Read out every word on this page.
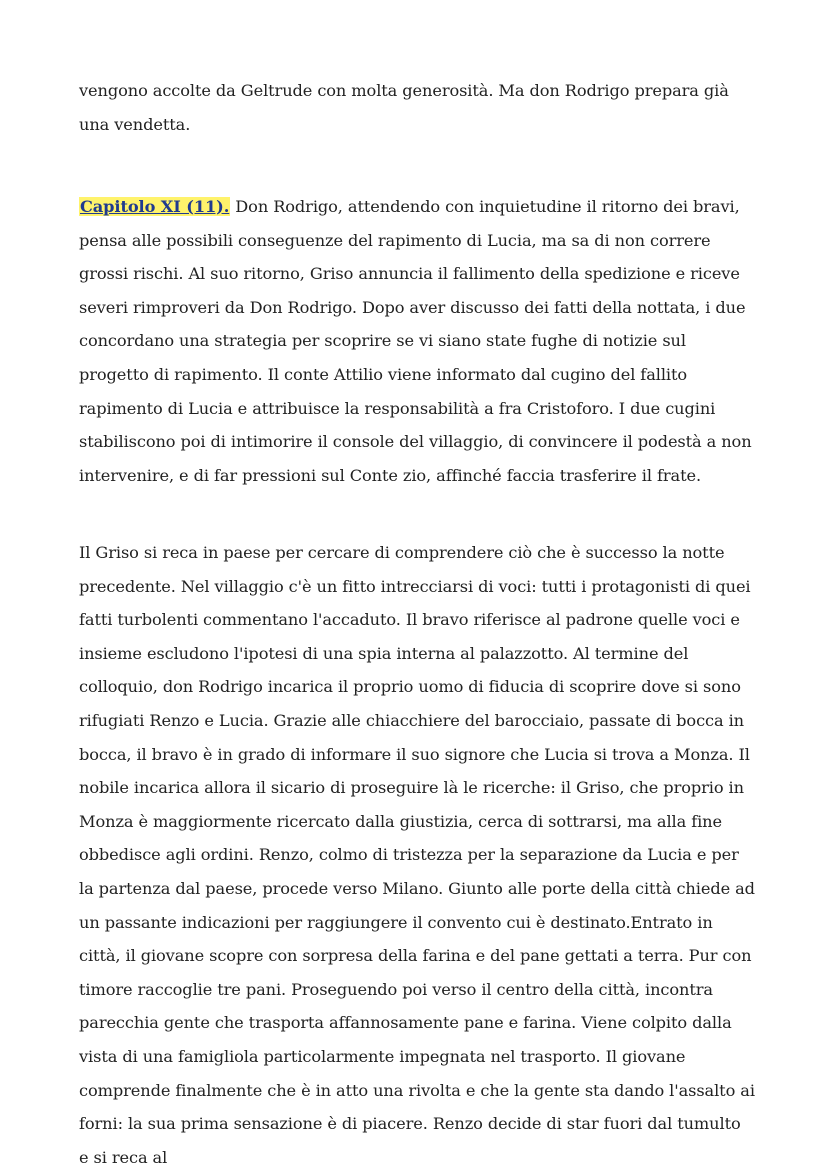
vengono accolte da Geltrude con molta generosità. Ma don Rodrigo prepara già una vendetta.

Capitolo XI (11). Don Rodrigo, attendendo con inquietudine il ritorno dei bravi, pensa alle possibili conseguenze del rapimento di Lucia, ma sa di non correre grossi rischi. Al suo ritorno, Griso annuncia il fallimento della spedizione e riceve severi rimproveri da Don Rodrigo. Dopo aver discusso dei fatti della nottata, i due concordano una strategia per scoprire se vi siano state fughe di notizie sul progetto di rapimento. Il conte Attilio viene informato dal cugino del fallito rapimento di Lucia e attribuisce la responsabilità a fra Cristoforo. I due cugini stabiliscono poi di intimorire il console del villaggio, di convincere il podestà a non intervenire, e di far pressioni sul Conte zio, affinché faccia trasferire il frate.

Il Griso si reca in paese per cercare di comprendere ciò che è successo la notte precedente. Nel villaggio c'è un fitto intrecciarsi di voci: tutti i protagonisti di quei fatti turbolenti commentano l'accaduto. Il bravo riferisce al padrone quelle voci e insieme escludono l'ipotesi di una spia interna al palazzotto. Al termine del colloquio, don Rodrigo incarica il proprio uomo di fiducia di scoprire dove si sono rifugiati Renzo e Lucia. Grazie alle chiacchiere del barocciaio, passate di bocca in bocca, il bravo è in grado di informare il suo signore che Lucia si trova a Monza. Il nobile incarica allora il sicario di proseguire là le ricerche: il Griso, che proprio in Monza è maggiormente ricercato dalla giustizia, cerca di sottrarsi, ma alla fine obbedisce agli ordini. Renzo, colmo di tristezza per la separazione da Lucia e per la partenza dal paese, procede verso Milano. Giunto alle porte della città chiede ad un passante indicazioni per raggiungere il convento cui è destinato.Entrato in città, il giovane scopre con sorpresa della farina e del pane gettati a terra. Pur con timore raccoglie tre pani. Proseguendo poi verso il centro della città, incontra parecchia gente che trasporta affannosamente pane e farina. Viene colpito dalla vista di una famigliola particolarmente impegnata nel trasporto. Il giovane comprende finalmente che è in atto una rivolta e che la gente sta dando l'assalto ai forni: la sua prima sensazione è di piacere. Renzo decide di star fuori dal tumulto e si reca al
